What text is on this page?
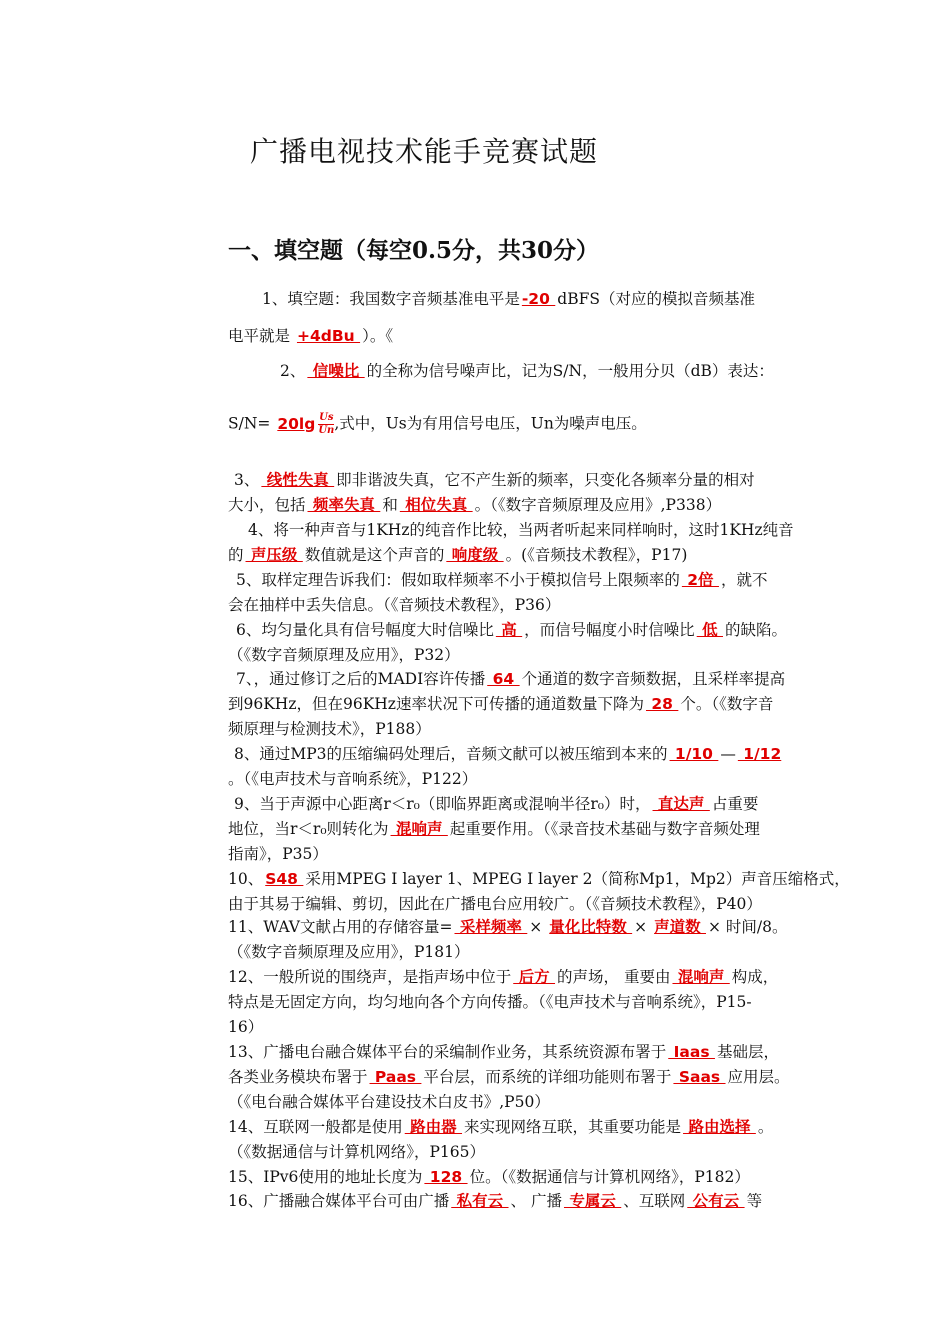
广播电视技术能手竞赛试题
一、填空题（每空0.5分，共30分）
1、填空题：我国数字音频基准电平是 -20 dBFS（对应的模拟音频基准
电平就是 +4dBu ）。《
2、 信噪比 的全称为信号噪声比，记为S/N，一般用分贝（dB）表达：
$S/N= 20\lg \frac{Us}{Un}$ ,式中，Us为有用信号电压，Un为噪声电压。
3、 线性失真 即非谐波失真，它不产生新的频率，只变化各频率分量的相对
大小，包括 频率失真 和 相位失真 。（《数字音频原理及应用》,P338）
4、将一种声音与1KHz的纯音作比较，当两者听起来同样响时，这时1KHz纯音
的 声压级 数值就是这个声音的 响度级 。(《音频技术教程》，P17)
5、取样定理告诉我们：假如取样频率不小于模拟信号上限频率的 2倍 ，就不
会在抽样中丢失信息。（《音频技术教程》，P36）
6、均匀量化具有信号幅度大时信噪比 高 ，而信号幅度小时信噪比 低 的缺陷。
（《数字音频原理及应用》，P32）
7、，通过修订之后的MADI容许传播 64 个通道的数字音频数据，且采样率提高
到96KHz，但在96KHz速率状况下可传播的通道数量下降为 28 个。（《数字音
频原理与检测技术》，P188）
8、通过MP3的压缩编码处理后，音频文献可以被压缩到本来的 1/10 — 1/12
。（《电声技术与音响系统》，P122）
9、当于声源中心距离r＜r₀（即临界距离或混响半径r₀）时， 直达声 占重要
地位，当r＜r₀则转化为 混响声 起重要作用。（《录音技术基础与数字音频处理
指南》，P35）
10、 S48 采用MPEG I layer 1、MPEG I layer 2（简称Mp1，Mp2）声音压缩格式，
由于其易于编辑、剪切，因此在广播电台应用较广。（《音频技术教程》，P40）
11、WAV文献占用的存储容量= 采样频率 × 量化比特数 × 声道数 × 时间/8。
（《数字音频原理及应用》，P181）
12、一般所说的围绕声，是指声场中位于 后方 的声场， 重要由 混响声 构成，
特点是无固定方向，均匀地向各个方向传播。（《电声技术与音响系统》，P15-
16）
13、广播电台融合媒体平台的采编制作业务，其系统资源布署于 Iaas 基础层，
各类业务模块布署于 Paas 平台层，而系统的详细功能则布署于 Saas 应用层。
（《电台融合媒体平台建设技术白皮书》,P50）
14、互联网一般都是使用 路由器 来实现网络互联，其重要功能是 路由选择 。
（《数据通信与计算机网络》，P165）
15、IPv6使用的地址长度为 128 位。（《数据通信与计算机网络》，P182）
16、广播融合媒体平台可由广播 私有云 、 广播 专属云 、互联网 公有云 等
